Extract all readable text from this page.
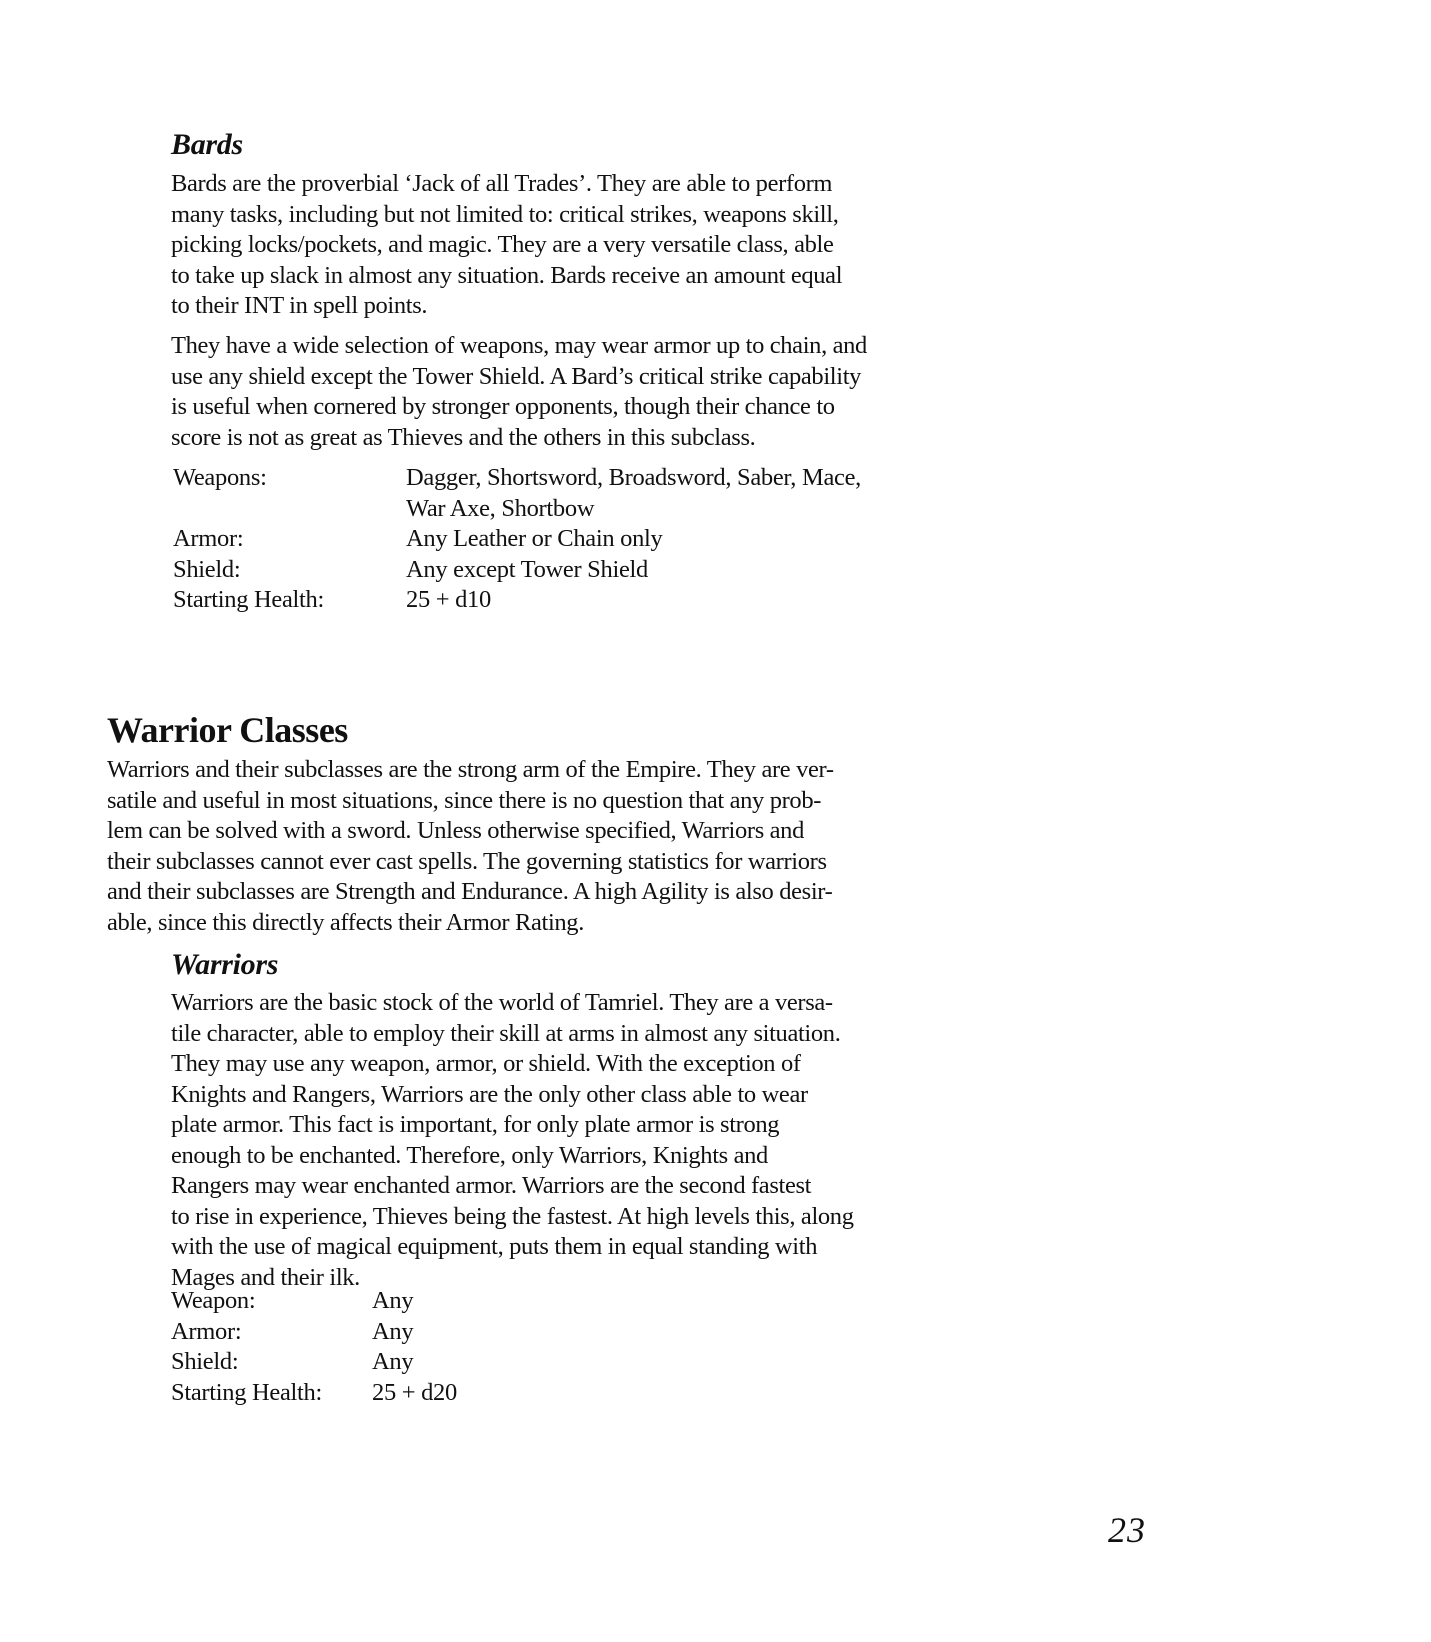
Bards

Bards are the proverbial ‘Jack of all Trades’. They are able to perform
many tasks, including but not limited to: critical strikes, weapons skill,
picking locks/pockets, and magic. They are a very versatile class, able
to take up slack in almost any situation. Bards receive an amount equal
to their INT in spell points.

They have a wide selection of weapons, may wear armor up to chain, and
use any shield except the Tower Shield. A Bard’s critical strike capability
is useful when cornered by stronger opponents, though their chance to
score is not as great as Thieves and the others in this subclass.

Weapons:	Dagger, Shortsword, Broadsword, Saber, Mace,
War Axe, Shortbow
Armor:	Any Leather or Chain only
Shield:	Any except Tower Shield
Starting Health:	25 + d10
Warrior Classes

Warriors and their subclasses are the strong arm of the Empire. They are ver-
satile and useful in most situations, since there is no question that any prob-
lem can be solved with a sword. Unless otherwise specified, Warriors and
their subclasses cannot ever cast spells. The governing statistics for warriors
and their subclasses are Strength and Endurance. A high Agility is also desir-
able, since this directly affects their Armor Rating.

Warriors

Warriors are the basic stock of the world of Tamriel. They are a versa-
tile character, able to employ their skill at arms in almost any situation.
They may use any weapon, armor, or shield. With the exception of
Knights and Rangers, Warriors are the only other class able to wear
plate armor. This fact is important, for only plate armor is strong
enough to be enchanted. Therefore, only Warriors, Knights and
Rangers may wear enchanted armor. Warriors are the second fastest
to rise in experience, Thieves being the fastest. At high levels this, along
with the use of magical equipment, puts them in equal standing with
Mages and their ilk.

Weapon:	Any
Armor:	Any
Shield:	Any
Starting Health:	25 + d20
23
